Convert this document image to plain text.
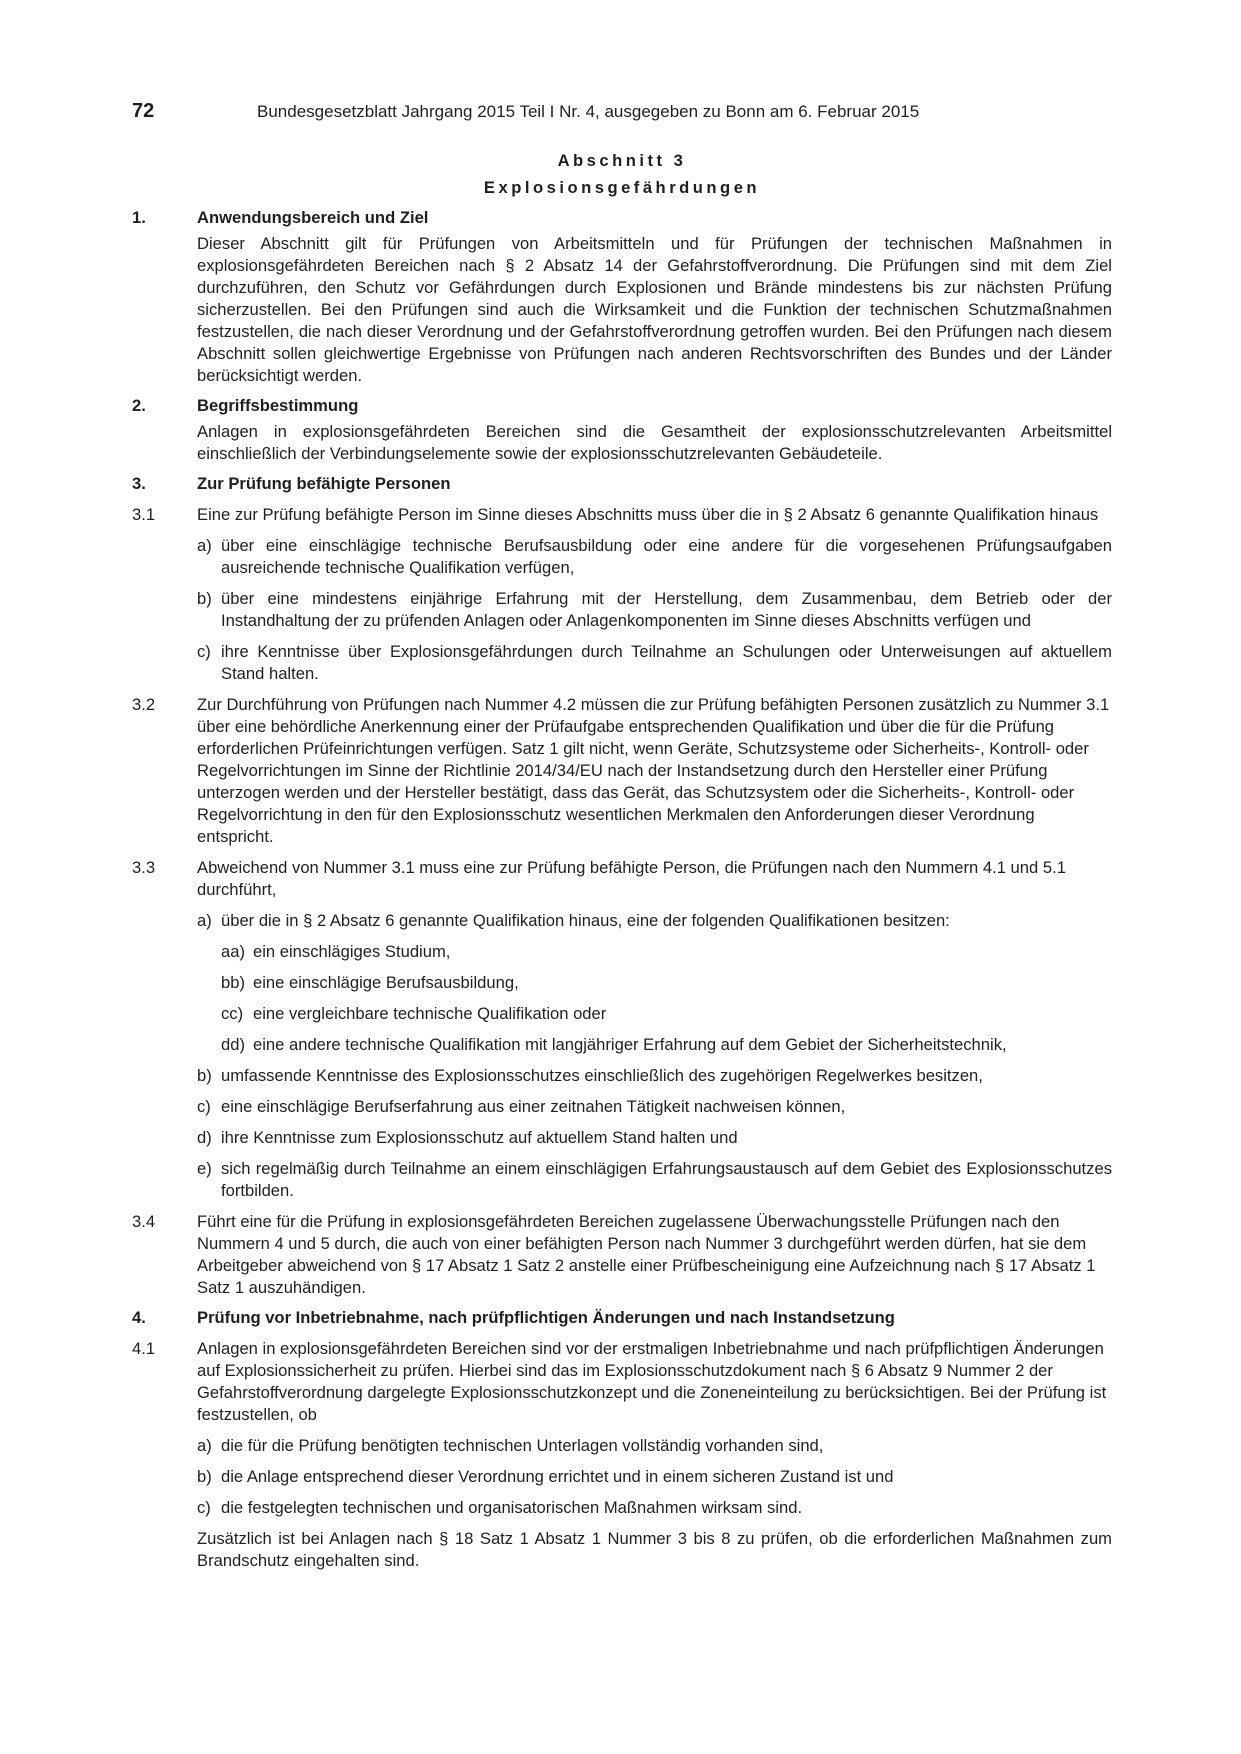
72	Bundesgesetzblatt Jahrgang 2015 Teil I Nr. 4, ausgegeben zu Bonn am 6. Februar 2015
Abschnitt 3
Explosionsgefährdungen
1.	Anwendungsbereich und Ziel
Dieser Abschnitt gilt für Prüfungen von Arbeitsmitteln und für Prüfungen der technischen Maßnahmen in explosionsgefährdeten Bereichen nach § 2 Absatz 14 der Gefahrstoffverordnung. Die Prüfungen sind mit dem Ziel durchzuführen, den Schutz vor Gefährdungen durch Explosionen und Brände mindestens bis zur nächsten Prüfung sicherzustellen. Bei den Prüfungen sind auch die Wirksamkeit und die Funktion der technischen Schutzmaßnahmen festzustellen, die nach dieser Verordnung und der Gefahrstoffverordnung getroffen wurden. Bei den Prüfungen nach diesem Abschnitt sollen gleichwertige Ergebnisse von Prüfungen nach anderen Rechtsvorschriften des Bundes und der Länder berücksichtigt werden.
2.	Begriffsbestimmung
Anlagen in explosionsgefährdeten Bereichen sind die Gesamtheit der explosionsschutzrelevanten Arbeitsmittel einschließlich der Verbindungselemente sowie der explosionsschutzrelevanten Gebäudeteile.
3.	Zur Prüfung befähigte Personen
3.1	Eine zur Prüfung befähigte Person im Sinne dieses Abschnitts muss über die in § 2 Absatz 6 genannte Qualifikation hinaus
a) über eine einschlägige technische Berufsausbildung oder eine andere für die vorgesehenen Prüfungsaufgaben ausreichende technische Qualifikation verfügen,
b) über eine mindestens einjährige Erfahrung mit der Herstellung, dem Zusammenbau, dem Betrieb oder der Instandhaltung der zu prüfenden Anlagen oder Anlagenkomponenten im Sinne dieses Abschnitts verfügen und
c) ihre Kenntnisse über Explosionsgefährdungen durch Teilnahme an Schulungen oder Unterweisungen auf aktuellem Stand halten.
3.2	Zur Durchführung von Prüfungen nach Nummer 4.2 müssen die zur Prüfung befähigten Personen zusätzlich zu Nummer 3.1 über eine behördliche Anerkennung einer der Prüfaufgabe entsprechenden Qualifikation und über die für die Prüfung erforderlichen Prüfeinrichtungen verfügen. Satz 1 gilt nicht, wenn Geräte, Schutzsysteme oder Sicherheits-, Kontroll- oder Regelvorrichtungen im Sinne der Richtlinie 2014/34/EU nach der Instandsetzung durch den Hersteller einer Prüfung unterzogen werden und der Hersteller bestätigt, dass das Gerät, das Schutzsystem oder die Sicherheits-, Kontroll- oder Regelvorrichtung in den für den Explosionsschutz wesentlichen Merkmalen den Anforderungen dieser Verordnung entspricht.
3.3	Abweichend von Nummer 3.1 muss eine zur Prüfung befähigte Person, die Prüfungen nach den Nummern 4.1 und 5.1 durchführt,
a) über die in § 2 Absatz 6 genannte Qualifikation hinaus, eine der folgenden Qualifikationen besitzen:
aa) ein einschlägiges Studium,
bb) eine einschlägige Berufsausbildung,
cc) eine vergleichbare technische Qualifikation oder
dd) eine andere technische Qualifikation mit langjähriger Erfahrung auf dem Gebiet der Sicherheitstechnik,
b) umfassende Kenntnisse des Explosionsschutzes einschließlich des zugehörigen Regelwerkes besitzen,
c) eine einschlägige Berufserfahrung aus einer zeitnahen Tätigkeit nachweisen können,
d) ihre Kenntnisse zum Explosionsschutz auf aktuellem Stand halten und
e) sich regelmäßig durch Teilnahme an einem einschlägigen Erfahrungsaustausch auf dem Gebiet des Explosionsschutzes fortbilden.
3.4	Führt eine für die Prüfung in explosionsgefährdeten Bereichen zugelassene Überwachungsstelle Prüfungen nach den Nummern 4 und 5 durch, die auch von einer befähigten Person nach Nummer 3 durchgeführt werden dürfen, hat sie dem Arbeitgeber abweichend von § 17 Absatz 1 Satz 2 anstelle einer Prüfbescheinigung eine Aufzeichnung nach § 17 Absatz 1 Satz 1 auszuhändigen.
4.	Prüfung vor Inbetriebnahme, nach prüfpflichtigen Änderungen und nach Instandsetzung
4.1	Anlagen in explosionsgefährdeten Bereichen sind vor der erstmaligen Inbetriebnahme und nach prüfpflichtigen Änderungen auf Explosionssicherheit zu prüfen. Hierbei sind das im Explosionsschutzdokument nach § 6 Absatz 9 Nummer 2 der Gefahrstoffverordnung dargelegte Explosionsschutzkonzept und die Zoneneinteilung zu berücksichtigen. Bei der Prüfung ist festzustellen, ob
a) die für die Prüfung benötigten technischen Unterlagen vollständig vorhanden sind,
b) die Anlage entsprechend dieser Verordnung errichtet und in einem sicheren Zustand ist und
c) die festgelegten technischen und organisatorischen Maßnahmen wirksam sind.
Zusätzlich ist bei Anlagen nach § 18 Satz 1 Absatz 1 Nummer 3 bis 8 zu prüfen, ob die erforderlichen Maßnahmen zum Brandschutz eingehalten sind.
